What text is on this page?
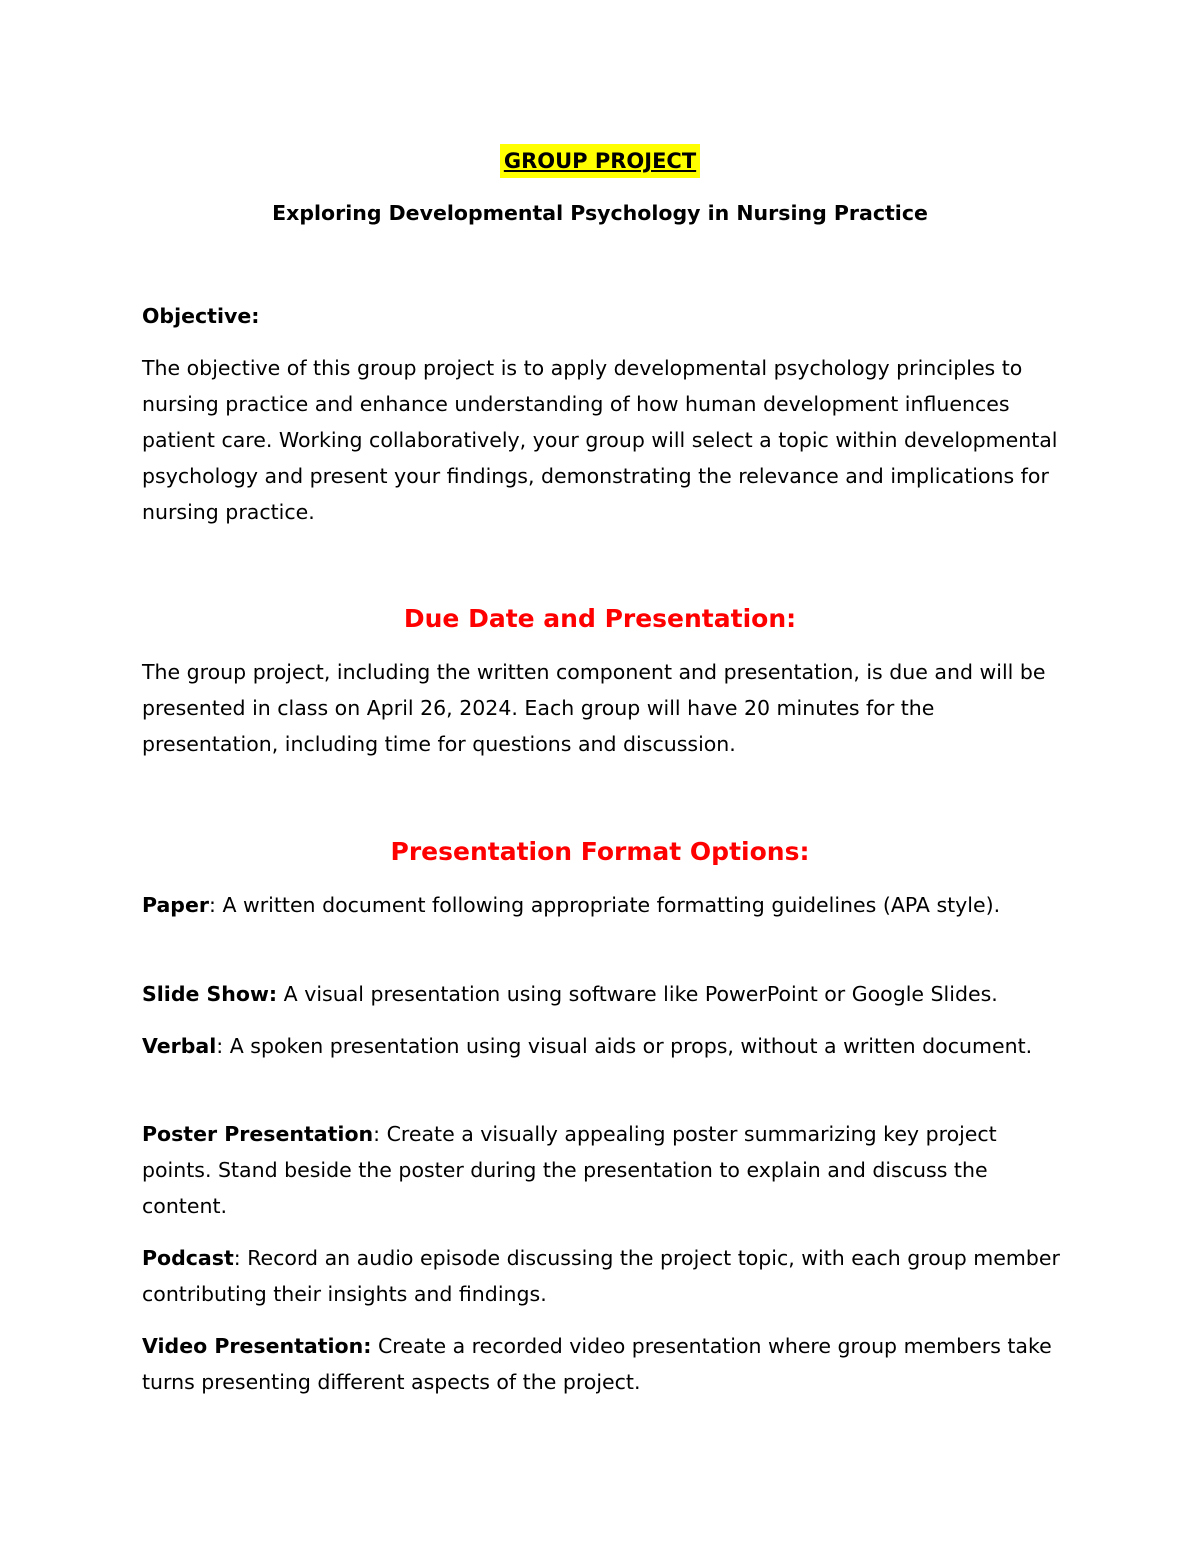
GROUP PROJECT
Exploring Developmental Psychology in Nursing Practice
Objective:

The objective of this group project is to apply developmental psychology principles to nursing practice and enhance understanding of how human development influences patient care. Working collaboratively, your group will select a topic within developmental psychology and present your findings, demonstrating the relevance and implications for nursing practice.

Due Date and Presentation:

The group project, including the written component and presentation, is due and will be presented in class on April 26, 2024. Each group will have 20 minutes for the presentation, including time for questions and discussion.

Presentation Format Options:

Paper: A written document following appropriate formatting guidelines (APA style).

Slide Show: A visual presentation using software like PowerPoint or Google Slides.

Verbal: A spoken presentation using visual aids or props, without a written document.

Poster Presentation: Create a visually appealing poster summarizing key project points. Stand beside the poster during the presentation to explain and discuss the content.

Podcast: Record an audio episode discussing the project topic, with each group member contributing their insights and findings.

Video Presentation: Create a recorded video presentation where group members take turns presenting different aspects of the project.
